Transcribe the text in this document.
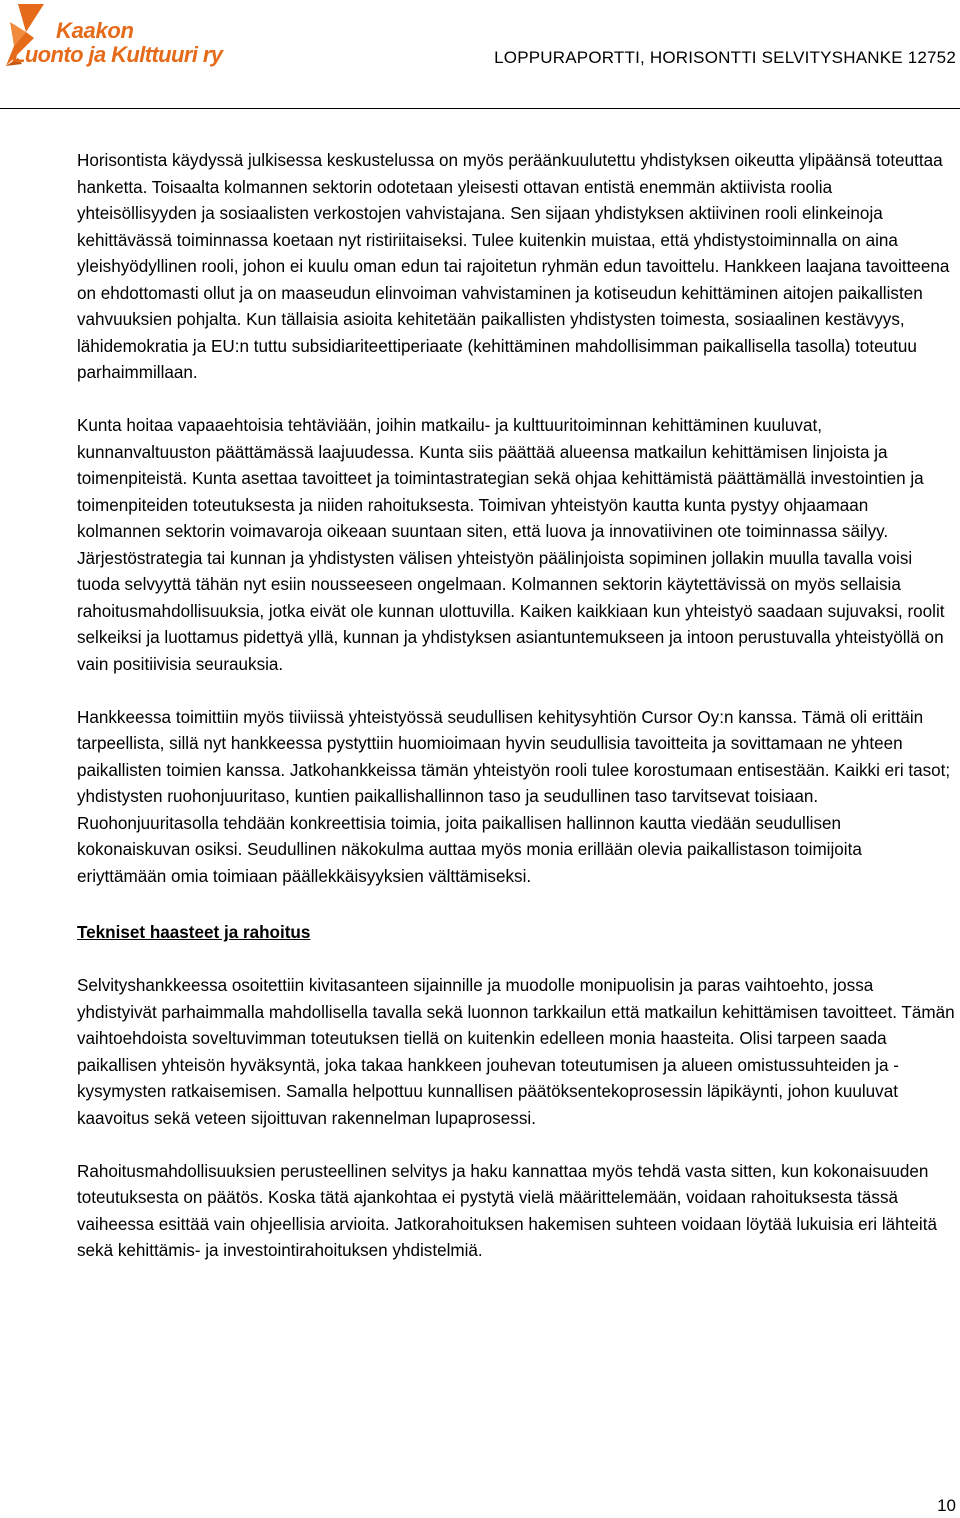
Kaakon
Luonto ja Kulttuuri ry	LOPPURAPORTTI, HORISONTTI SELVITYSHANKE 12752

Horisontista käydyssä julkisessa keskustelussa on myös peräänkuulutettu yhdistyksen oikeutta ylipäänsä toteuttaa hanketta. Toisaalta kolmannen sektorin odotetaan yleisesti ottavan entistä enemmän aktiivista roolia yhteisöllisyyden ja sosiaalisten verkostojen vahvistajana. Sen sijaan yhdistyksen aktiivinen rooli elinkeinoja kehittävässä toiminnassa koetaan nyt ristiriitaiseksi. Tulee kuitenkin muistaa, että yhdistystoiminnalla on aina yleishyödyllinen rooli, johon ei kuulu oman edun tai rajoitetun ryhmän edun tavoittelu. Hankkeen laajana tavoitteena on ehdottomasti ollut ja on maaseudun elinvoiman vahvistaminen ja kotiseudun kehittäminen aitojen paikallisten vahvuuksien pohjalta. Kun tällaisia asioita kehitetään paikallisten yhdistysten toimesta, sosiaalinen kestävyys, lähidemokratia ja EU:n tuttu subsidiariteettiperiaate (kehittäminen mahdollisimman paikallisella tasolla) toteutuu parhaimmillaan.

Kunta hoitaa vapaaehtoisia tehtäviään, joihin matkailu- ja kulttuuritoiminnan kehittäminen kuuluvat, kunnanvaltuuston päättämässä laajuudessa. Kunta siis päättää alueensa matkailun kehittämisen linjoista ja toimenpiteistä. Kunta asettaa tavoitteet ja toimintastrategian sekä ohjaa kehittämistä päättämällä investointien ja toimenpiteiden toteutuksesta ja niiden rahoituksesta. Toimivan yhteistyön kautta kunta pystyy ohjaamaan kolmannen sektorin voimavaroja oikeaan suuntaan siten, että luova ja innovatiivinen ote toiminnassa säilyy. Järjestöstrategia tai kunnan ja yhdistysten välisen yhteistyön päälinjoista sopiminen jollakin muulla tavalla voisi tuoda selvyyttä tähän nyt esiin nousseeseen ongelmaan. Kolmannen sektorin käytettävissä on myös sellaisia rahoitusmahdollisuuksia, jotka eivät ole kunnan ulottuvilla. Kaiken kaikkiaan kun yhteistyö saadaan sujuvaksi, roolit selkeiksi ja luottamus pidettyä yllä, kunnan ja yhdistyksen asiantuntemukseen ja intoon perustuvalla yhteistyöllä on vain positiivisia seurauksia.

Hankkeessa toimittiin myös tiiviissä yhteistyössä seudullisen kehitysyhtiön Cursor Oy:n kanssa. Tämä oli erittäin tarpeellista, sillä nyt hankkeessa pystyttiin huomioimaan hyvin seudullisia tavoitteita ja sovittamaan ne yhteen paikallisten toimien kanssa. Jatkohankkeissa tämän yhteistyön rooli tulee korostumaan entisestään. Kaikki eri tasot; yhdistysten ruohonjuuritaso, kuntien paikallishallinnon taso ja seudullinen taso tarvitsevat toisiaan. Ruohonjuuritasolla tehdään konkreettisia toimia, joita paikallisen hallinnon kautta viedään seudullisen kokonaiskuvan osiksi. Seudullinen näkokulma auttaa myös monia erillään olevia paikallistason toimijoita eriyttämään omia toimiaan päällekkäisyyksien välttämiseksi.

Tekniset haasteet ja rahoitus

Selvityshankkeessa osoitettiin kivitasanteen sijainnille ja muodolle monipuolisin ja paras vaihtoehto, jossa yhdistyivät parhaimmalla mahdollisella tavalla sekä luonnon tarkkailun että matkailun kehittämisen tavoitteet. Tämän vaihtoehdoista soveltuvimman toteutuksen tiellä on kuitenkin edelleen monia haasteita. Olisi tarpeen saada paikallisen yhteisön hyväksyntä, joka takaa hankkeen jouhevan toteutumisen ja alueen omistussuhteiden ja -kysymysten ratkaisemisen. Samalla helpottuu kunnallisen päätöksentekoprosessin läpikäynti, johon kuuluvat kaavoitus sekä veteen sijoittuvan rakennelman lupaprosessi.

Rahoitusmahdollisuuksien perusteellinen selvitys ja haku kannattaa myös tehdä vasta sitten, kun kokonaisuuden toteutuksesta on päätös. Koska tätä ajankohtaa ei pystytä vielä määrittelemään, voidaan rahoituksesta tässä vaiheessa esittää vain ohjeellisia arvioita. Jatkorahoituksen hakemisen suhteen voidaan löytää lukuisia eri lähteitä sekä kehittämis- ja investointirahoituksen yhdistelmiä.

10
